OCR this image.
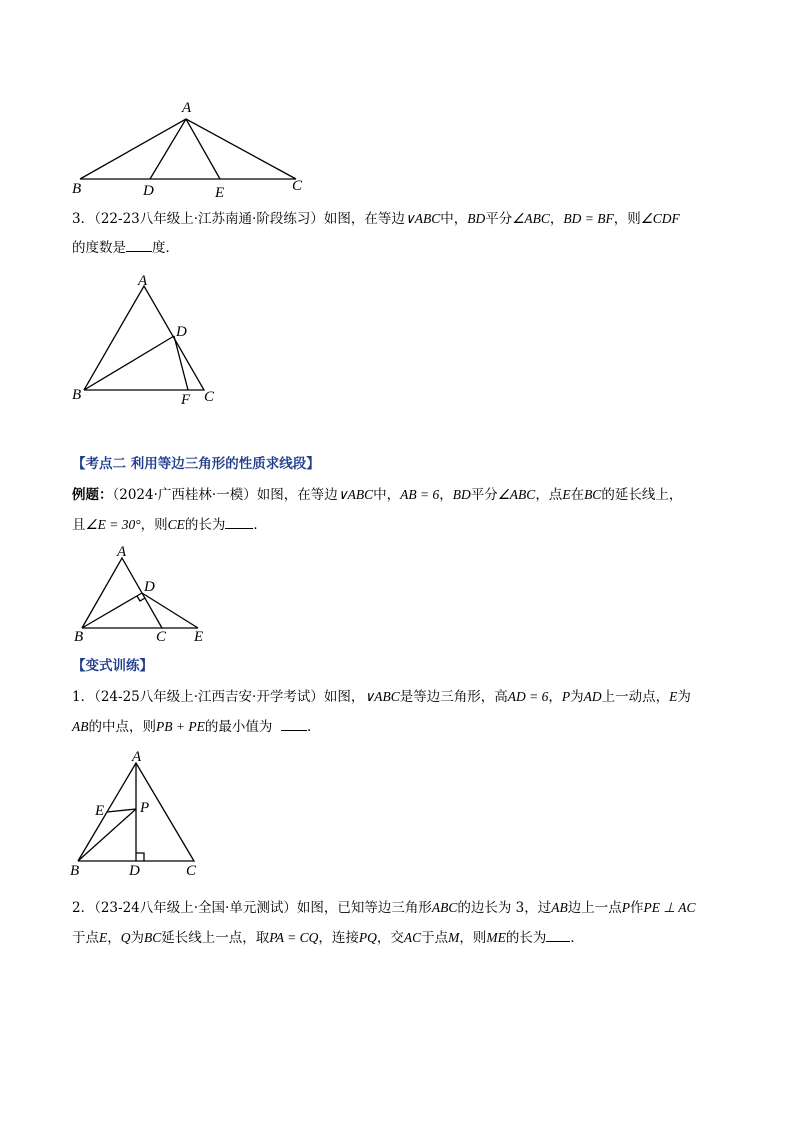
A
B	D	E	C
3．（22-23八年级上·江苏南通·阶段练习）如图，在等边∨ABC中，BD平分∠ABC，BD = BF，则∠CDF
的度数是 度．
A
D
B	F C
【考点二 利用等边三角形的性质求线段】
例题：（2024·广西桂林·一模）如图，在等边∨ABC中，AB = 6，BD平分∠ABC，点E在BC的延长线上，
且∠E = 30°，则CE的长为 ．
A
D
B	C E
【变式训练】
1．（24-25八年级上·江西吉安·开学考试）如图，∨ABC是等边三角形，高AD = 6，P为AD上一动点，E为
AB的中点，则PB + PE的最小值为	．
A
E P
B	D	C
2．（23-24八年级上·全国·单元测试）如图，已知等边三角形ABC的边长为 3，过AB边上一点P作PE ⊥ AC
于点E，Q为BC延长线上一点，取PA = CQ，连接PQ，交AC于点M，则ME的长为 ．
